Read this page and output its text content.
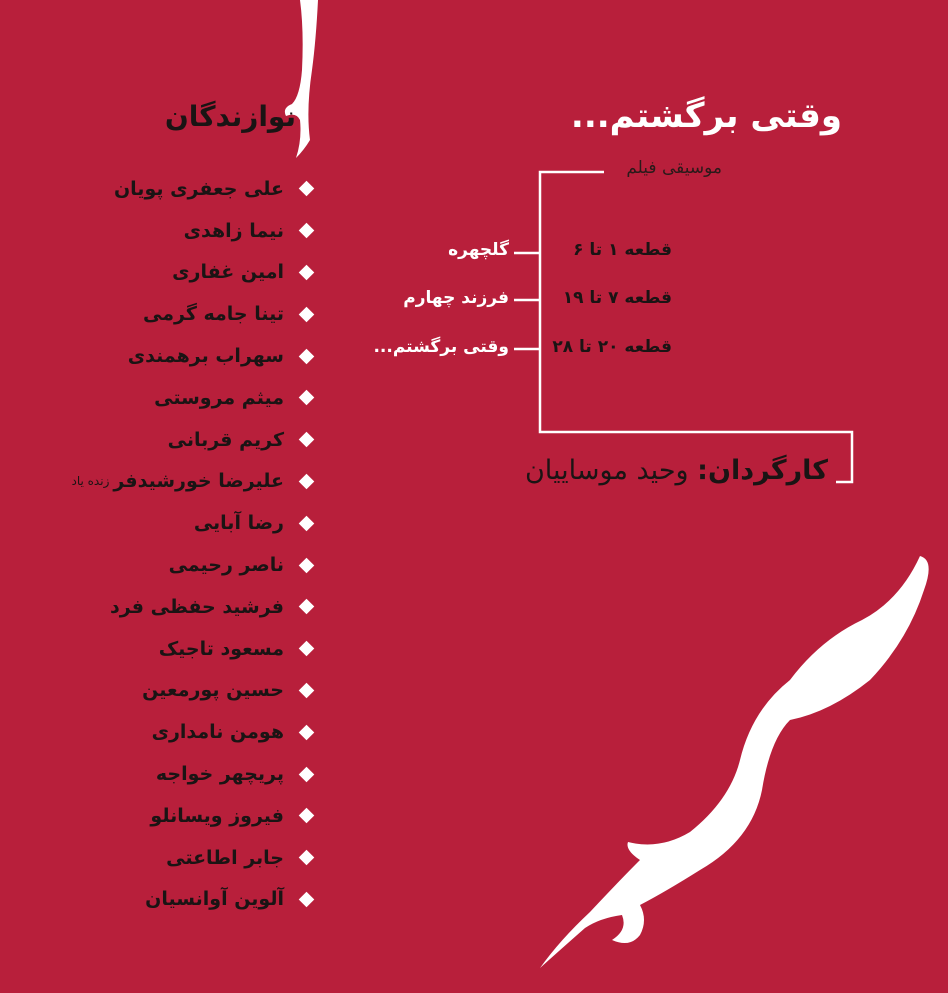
نوازندگان
علی جعفری پویان
نیما زاهدی
امین غفاری
تینا جامه گرمی
سهراب برهمندی
میثم مروستی
کریم قربانی
علیرضا خورشیدفر
زنده یاد
رضا آبایی
ناصر رحیمی
فرشید حفظی فرد
مسعود تاجیک
حسین پورمعین
هومن نامداری
پریچهر خواجه
فیروز ویسانلو
جابر اطاعتی
آلوین آوانسیان
وقتی برگشتم...
موسیقی فیلم
قطعه ۱ تا ۶
گلچهره
قطعه ۷ تا ۱۹
فرزند چهارم
قطعه ۲۰ تا ۲۸
وقتی برگشتم...
کارگردان: وحید موساییان
